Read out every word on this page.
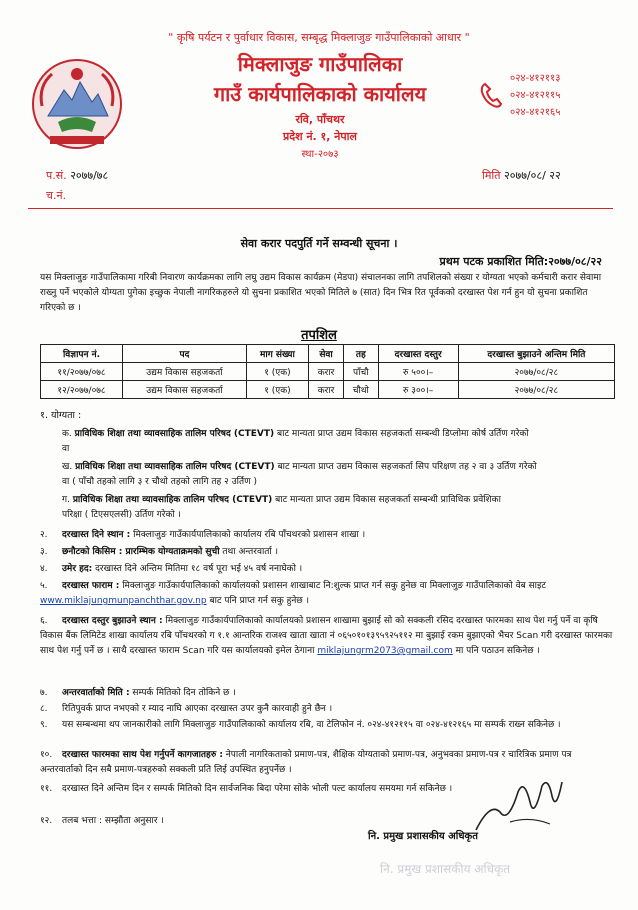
" कृषि पर्यटन र पुर्वाधार विकास, सम्बृद्ध मिक्लाजुङ गाउँपालिकाको आधार "
मिक्लाजुङ गाउँपालिका
गाउँ कार्यपालिकाको कार्यालय
रवि, पाँचथर
प्रदेश नं. १, नेपाल
स्था-२०७३
०२४-४१२११३
०२४-४१२११५
०२४-४१२१६५
प.सं. २०७७/७८
च.नं.
मिति २०७७/०८/ २२
सेवा करार पदपुर्ति गर्ने सम्वन्धी सूचना ।
प्रथम पटक प्रकाशित मिति:२०७७/०८/२२
यस मिक्लाजुङ गाउँपालिकामा गरिबी निवारण कार्यक्रमका लागि लघु उद्यम विकास कार्यक्रम (मेडपा) संचालनका लागि तपशिलको संख्या र योग्यता भएको कर्मचारी करार सेवामा राख्नु पर्ने भएकोले योग्यता पुगेका इच्छुक नेपाली नागरिकहरुले यो सुचना प्रकाशित भएको मितिले ७ (सात) दिन भित्र रित पूर्वकको दरखास्त पेश गर्न हुन यो सुचना प्रकाशित गरिएको छ ।
तपशिल
विज्ञापन नं.	पद	माग संख्या	सेवा	तह	दरखास्त दस्तुर	दरखास्त बुझाउने अन्तिम मिति
११/२०७७/०७८	उद्यम विकास सहजकर्ता	१ (एक)	करार	पाँचौ	रु ५००।–	२०७७/०८/२८
१२/२०७७/०७८	उद्यम विकास सहजकर्ता	१ (एक)	करार	चौथो	रु ३००।–	२०७७/०८/२८
१. योग्यता :
क. प्राविधिक शिक्षा तथा व्यावसाहिक तालिम परिषद (CTEVT) बाट मान्यता प्राप्त उद्यम विकास सहजकर्ता सम्बन्धी डिप्लोमा कोर्ष उर्तिण गरेको
वा
ख. प्राविधिक शिक्षा तथा व्यावसाहिक तालिम परिषद (CTEVT) बाट मान्यता प्राप्त उद्यम विकास सहजकर्ता सिप परिक्षण तह २ वा ३ उर्तिण गरेको
वा ( पाँचौ तहको लागि ३ र चौथो तहको लागि तह २ उर्तिण )
ग. प्राविधिक शिक्षा तथा व्यावसाहिक तालिम परिषद (CTEVT) बाट मान्यता प्राप्त उद्यम विकास सहजकर्ता सम्बन्धी प्राविधिक प्रवेशिका
परिक्षा ( टिएसएलसी) उर्तिण गरेको ।
२. दरखास्त दिने स्थान : मिक्लाजुङ गाउँकार्यपालिकाको कार्यालय रबि पाँचथरको प्रशासन शाखा ।
३. छनौटको किसिम : प्रारम्भिक योग्यताक्रमको सुची तथा अन्तरवार्ता ।
४. उमेर हद: दरखास्त दिने अन्तिम मितिमा १८ वर्ष पूरा भई ४५ वर्ष ननाघेको ।
५. दरखास्त फाराम : मिक्लाजुङ गाउँकार्यपालिकाको कार्यालयको प्रशासन शाखाबाट नि:शुल्क प्राप्त गर्न सकु हुनेछ वा मिक्लाजुङ गाउँपालिकाको वेब साइट www.miklajungmunpanchthar.gov.np बाट पनि प्राप्त गर्न सकु हुनेछ ।
६. दरखास्त दस्तुर बुझाउने स्थान : मिक्लाजुङ गाउँकार्यपालिकाको कार्यालयको प्रशासन शाखामा बुझाई सो को सक्कली रसिद दरखास्त फारमका साथ पेश गर्नु पर्ने वा कृषि विकास बैंक लिमिटेड शाखा कार्यालय रबि पाँचथरको ग १.१ आन्तरिक राजश्व खाता खाता नं ०६५०१०१३९५९२५११२ मा बुझाई रकम बुझाएको भैचर Scan गरी दरखास्त फारमका साथ पेश गर्नु पर्ने छ । साथै दरखास्त फाराम Scan गरि यस कार्यालयको इमेल ठेगाना miklajungrm2073@gmail.com मा पनि पठाउन सकिनेछ ।
७. अन्तरवार्ताको मिति : सम्पर्क मितिको दिन तोकिने छ ।
८. रितिपुवर्क प्राप्त नभएको र म्याद नाघि आएका दरखास्त उपर कुनै कारवाही हुने छैन ।
९. यस सम्बन्धमा थप जानकारीको लागि मिक्लाजुङ गाउँपालिकाको कार्यालय रबि, वा टेलिफोन नं. ०२४-४१२११५ वा ०२४-४१२१६५ मा सम्पर्क राख्न सकिनेछ ।
१०. दरखास्त फारमका साथ पेश गर्नुपर्ने कागजातहरु : नेपाली नागरिकताको प्रमाण-पत्र, शैक्षिक योग्यताको प्रमाण-पत्र, अनुभवका प्रमाण-पत्र र चारित्रिक प्रमाण पत्र अन्तरवार्ताको दिन सबै प्रमाण-पत्रहरुको सक्कली प्रति लिई उपस्थित हनुपर्नेछ ।
११. दरखास्त दिने अन्तिम दिन र सम्पर्क मितिको दिन सार्वजनिक बिदा परेमा सोके भोली पल्ट कार्यालय समयमा गर्न सकिनेछ ।
१२. तलब भत्ता : सम्झौता अनुसार ।
नि. प्रमुख प्रशासकीय अधिकृत
नि. प्रमुख प्रशासकीय अधिकृत
